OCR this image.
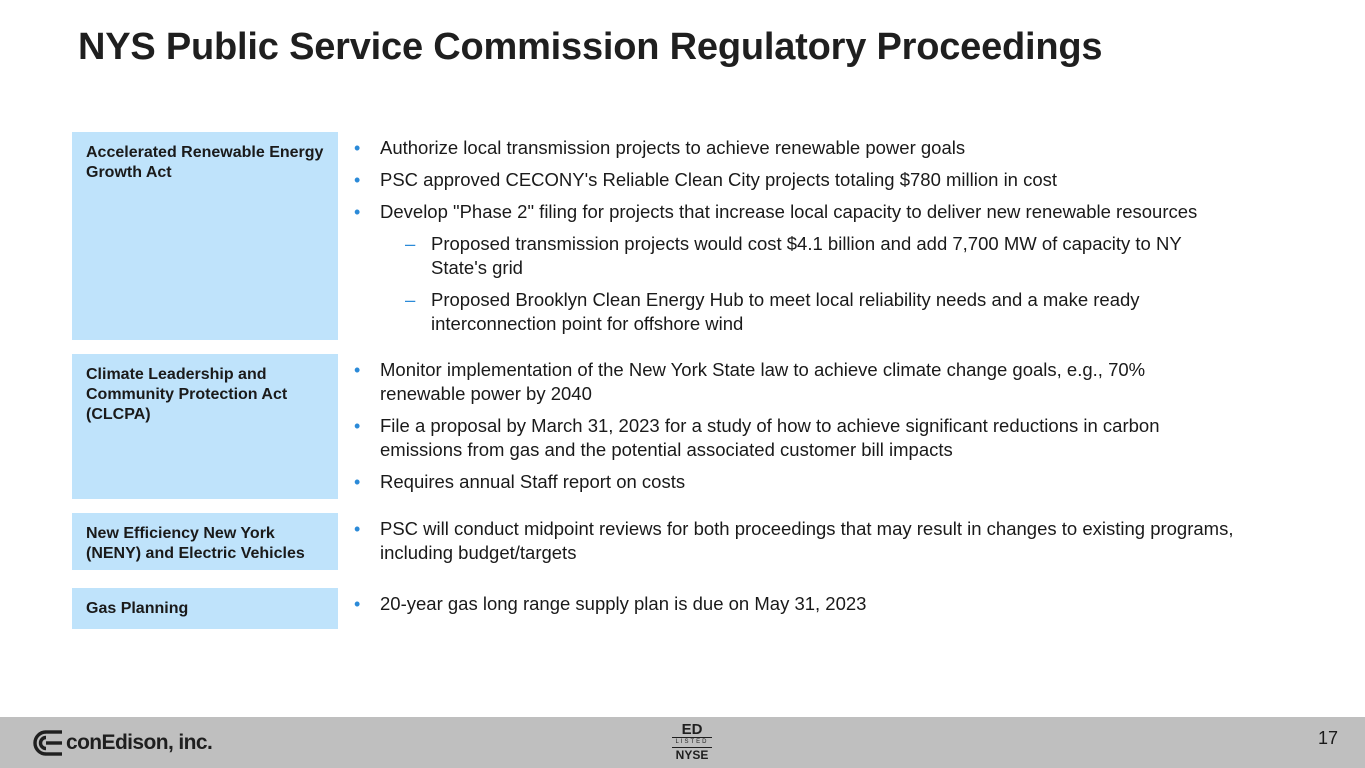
NYS Public Service Commission Regulatory Proceedings
Accelerated Renewable Energy Growth Act
• Authorize local transmission projects to achieve renewable power goals
• PSC approved CECONY's Reliable Clean City projects totaling $780 million in cost
• Develop "Phase 2" filing for projects that increase local capacity to deliver new renewable resources
– Proposed transmission projects would cost $4.1 billion and add 7,700 MW of capacity to NY State's grid
– Proposed Brooklyn Clean Energy Hub to meet local reliability needs and a make ready interconnection point for offshore wind
Climate Leadership and Community Protection Act (CLCPA)
• Monitor implementation of the New York State law to achieve climate change goals, e.g., 70% renewable power by 2040
• File a proposal by March 31, 2023 for a study of how to achieve significant reductions in carbon emissions from gas and the potential associated customer bill impacts
• Requires annual Staff report on costs
New Efficiency New York (NENY) and Electric Vehicles
• PSC will conduct midpoint reviews for both proceedings that may result in changes to existing programs, including budget/targets
Gas Planning	• 20-year gas long range supply plan is due on May 31, 2023
conEdison, inc.
ED
LISTED
NYSE
17
